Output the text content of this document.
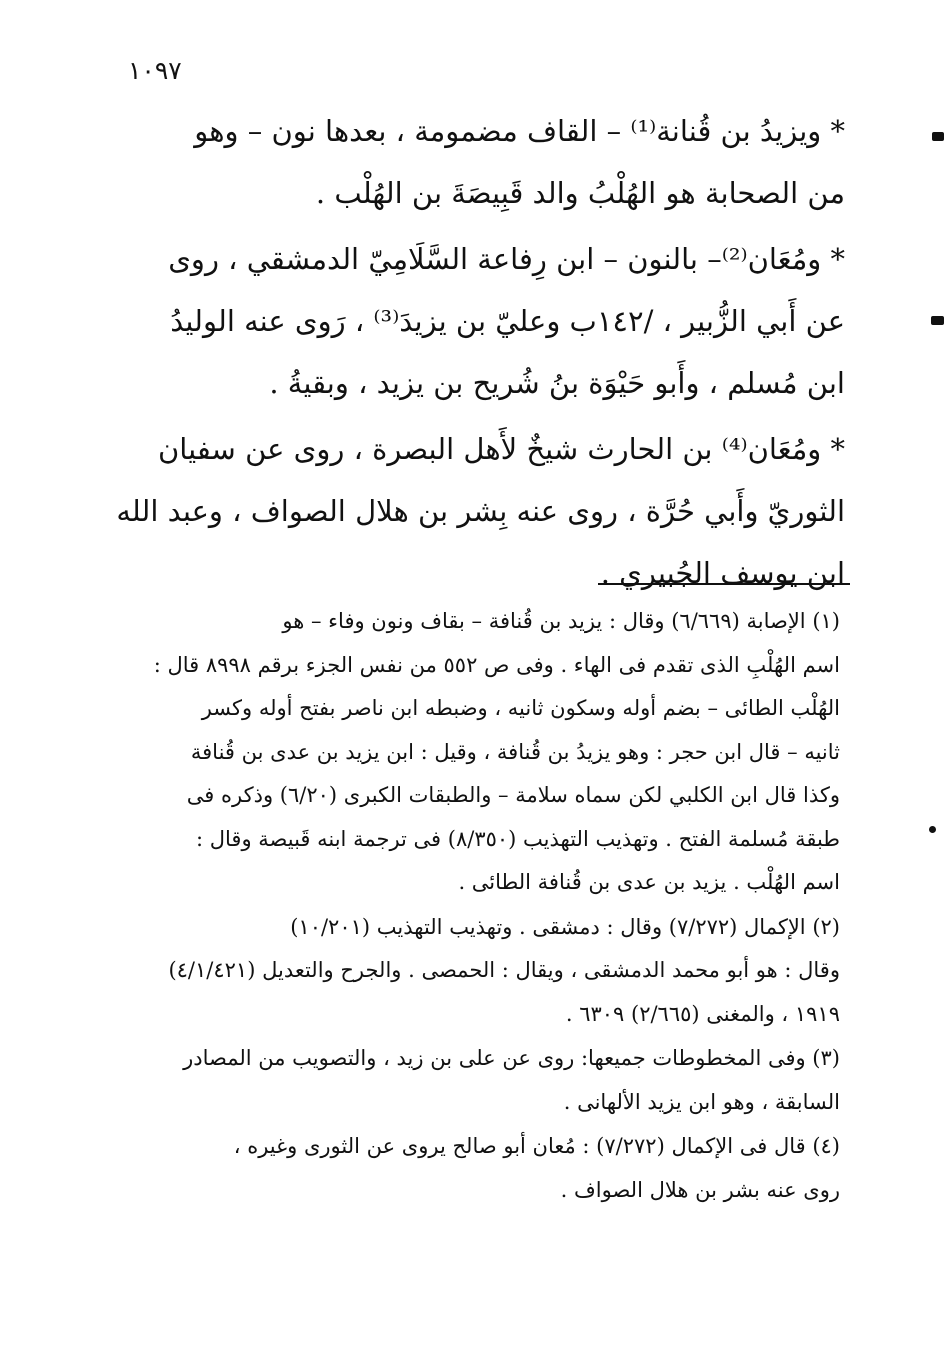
١٠٩٧
* ويزيدُ بن قُنانة⁽¹⁾ – القاف مضمومة ، بعدها نون – وهو
من الصحابة هو الهُلْبُ والد قَبِيصَةَ بن الهُلْب .
* ومُعَان⁽²⁾– بالنون – ابن رِفاعة السَّلَامِيّ الدمشقي ، روى
عن أَبي الزُّبير ، /١٤٢ب وعليّ بن يزيدَ⁽³⁾ ، رَوى عنه الوليدُ
ابن مُسلم ، وأَبو حَيْوَة بنُ شُريح بن يزيد ، وبقيةُ .
* ومُعَان⁽⁴⁾ بن الحارث شيخٌ لأَهل البصرة ، روى عن سفيان
الثوريّ وأَبي حُرَّة ، روى عنه بِشر بن هلال الصواف ، وعبد الله
ابن يوسف الجُبيري .
(١) الإصابة (٦/٦٦٩) وقال : يزيد بن قُنافة – بقاف ونون وفاء – هو
اسم الهُلْبِ الذى تقدم فى الهاء . وفى ص ٥٥٢ من نفس الجزء برقم ٨٩٩٨ قال :
الهُلْب الطائى – بضم أوله وسكون ثانيه ، وضبطه ابن ناصر بفتح أوله وكسر
ثانيه – قال ابن حجر : وهو يزيدُ بن قُنافة ، وقيل : ابن يزيد بن عدى بن قُنافة
وكذا قال ابن الكلبي لكن سماه سلامة – والطبقات الكبرى (٦/٢٠) وذكره فى
طبقة مُسلمة الفتح . وتهذيب التهذيب (٨/٣٥٠) فى ترجمة ابنه قَبيصة وقال :
اسم الهُلْب . يزيد بن عدى بن قُنافة الطائى .
(٢) الإكمال (٧/٢٧٢) وقال : دمشقى . وتهذيب التهذيب (١٠/٢٠١)
وقال : هو أبو محمد الدمشقى ، ويقال : الحمصى . والجرح والتعديل (٤/١/٤٢١)
١٩١٩ ، والمغنى (٢/٦٦٥) ٦٣٠٩ .
(٣) وفى المخطوطات جميعها: روى عن على بن زيد ، والتصويب من المصادر
السابقة ، وهو ابن يزيد الألهانى .
(٤) قال فى الإكمال (٧/٢٧٢) : مُعان أبو صالح يروى عن الثورى وغيره ،
روى عنه بشر بن هلال الصواف .
